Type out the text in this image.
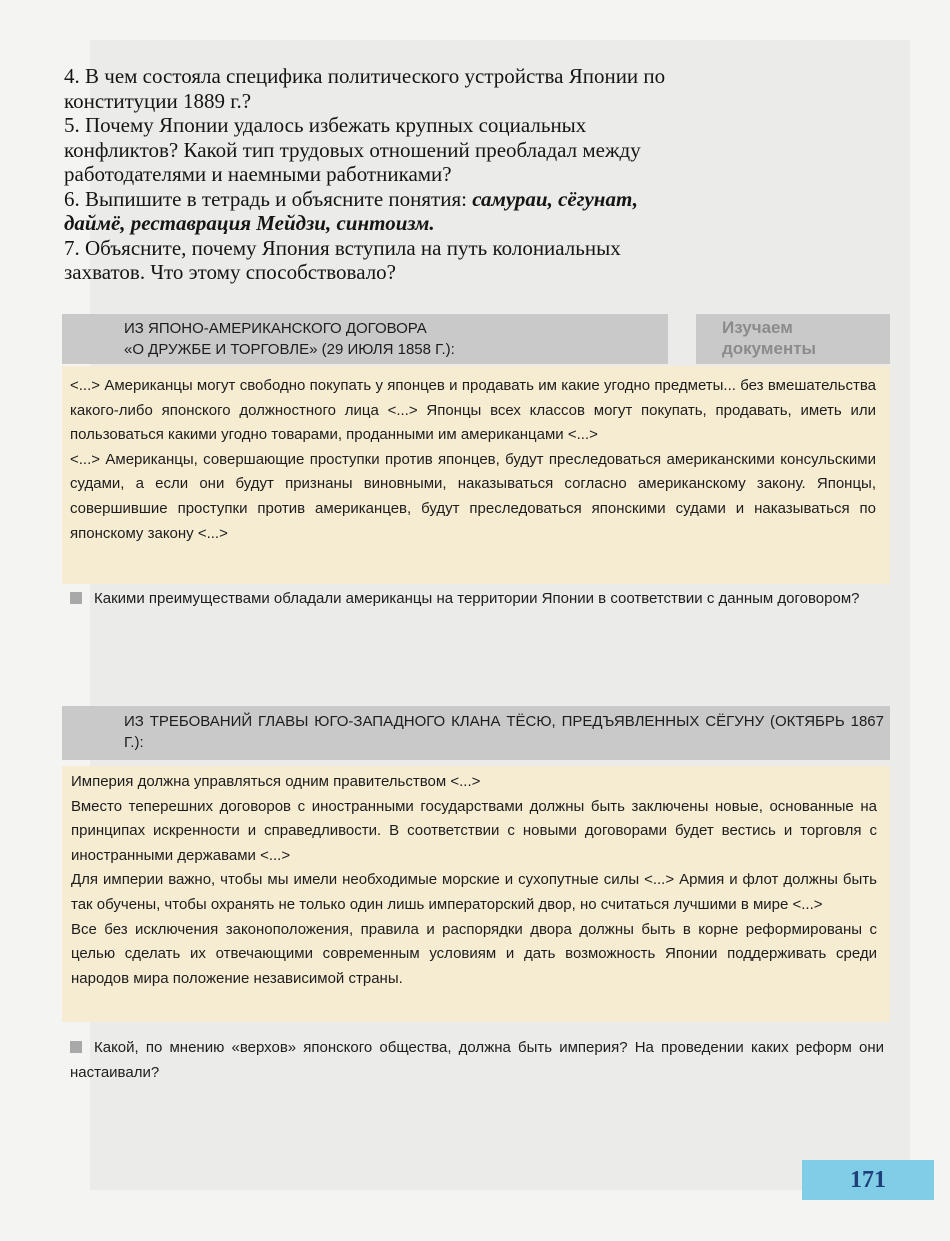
4. В чем состояла специфика политического устройства Японии по конституции 1889 г.?

5. Почему Японии удалось избежать крупных социальных конфликтов? Какой тип трудовых отношений преобладал между работодателями и наемными работниками?

6. Выпишите в тетрадь и объясните понятия: самураи, сёгунат, даймё, реставрация Мейдзи, синтоизм.

7. Объясните, почему Япония вступила на путь колониальных захватов. Что этому способствовало?

ИЗ ЯПОНО-АМЕРИКАНСКОГО ДОГОВОРА
«О ДРУЖБЕ И ТОРГОВЛЕ» (29 ИЮЛЯ 1858 Г.):
Изучаем
документы

<...> Американцы могут свободно покупать у японцев и продавать им какие угодно предметы... без вмешательства какого-либо японского должностного лица <...> Японцы всех классов могут покупать, продавать, иметь или пользоваться какими угодно товарами, проданными им американцами <...>

<...> Американцы, совершающие проступки против японцев, будут преследоваться американскими консульскими судами, а если они будут признаны виновными, наказываться согласно американскому закону. Японцы, совершившие проступки против американцев, будут преследоваться японскими судами и наказываться по японскому закону <...>

Какими преимуществами обладали американцы на территории Японии в соответствии с данным договором?
ИЗ ТРЕБОВАНИЙ ГЛАВЫ ЮГО-ЗАПАДНОГО КЛАНА ТЁСЮ, ПРЕДЪЯВЛЕННЫХ СЁГУНУ (ОКТЯБРЬ 1867 Г.):

Империя должна управляться одним правительством <...>

Вместо теперешних договоров с иностранными государствами должны быть заключены новые, основанные на принципах искренности и справедливости. В соответствии с новыми договорами будет вестись и торговля с иностранными державами <...>

Для империи важно, чтобы мы имели необходимые морские и сухопутные силы <...> Армия и флот должны быть так обучены, чтобы охранять не только один лишь императорский двор, но считаться лучшими в мире <...>

Все без исключения законоположения, правила и распорядки двора должны быть в корне реформированы с целью сделать их отвечающими современным условиям и дать возможность Японии поддерживать среди народов мира положение независимой страны.

Какой, по мнению «верхов» японского общества, должна быть империя? На проведении каких реформ они настаивали?
171
